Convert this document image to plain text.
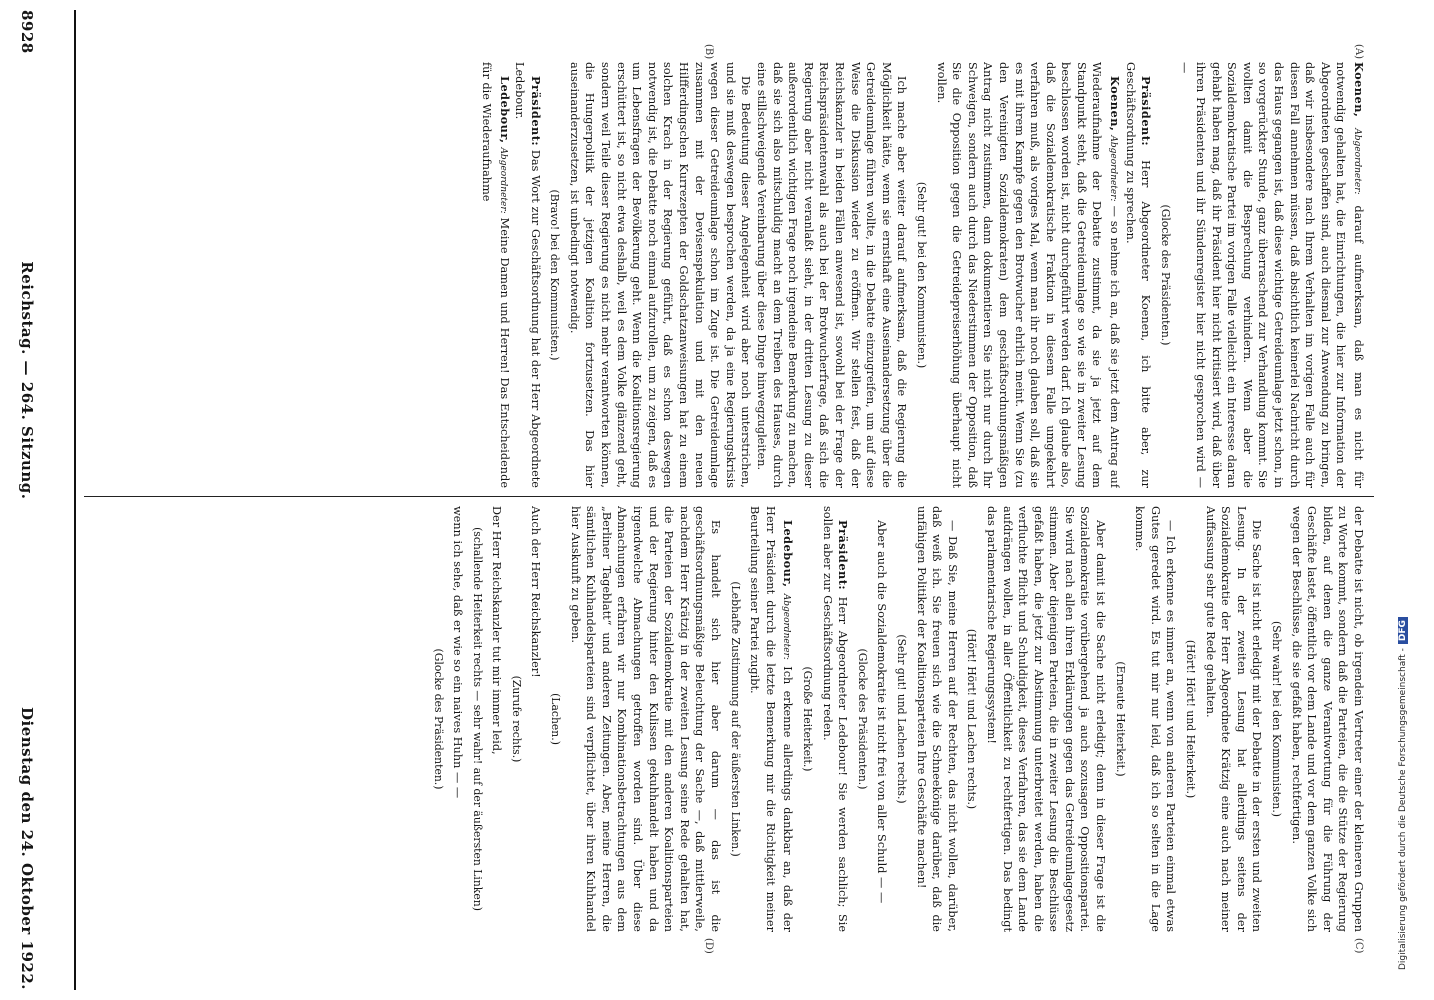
Digitalisierung gefördert durch die Deutsche Forschungsgemeinschaft -DFG
8928
Reichstag. — 264. Sitzung.
Dienstag den 24. Oktober 1922.
(A)
(B)
(C)
(D)

Koenen, Abgeordneter: darauf aufmerksam, daß man es nicht für notwendig gehalten hat, die Einrichtungen, die hier zur Information der Abgeordneten geschaffen sind, auch diesmal zur Anwendung zu bringen, daß wir insbesondere nach Ihrem Verhalten im vorigen Falle auch für diesen Fall annehmen müssen, daß absichtlich keinerlei Nachricht durch das Haus gegangen ist, daß diese wichtige Getreideumlage jetzt schon, in so vorgerückter Stunde, ganz überraschend zur Verhandlung kommt. Sie wollten damit die Besprechung verhindern. Wenn aber die Sozialdemokratische Partei im vorigen Falle vielleicht ein Interesse daran gehabt haben mag, daß ihr Präsident hier nicht kritisiert wird, daß über ihren Präsidenten und ihr Sündenregister hier nicht gesprochen wird — —

(Glocke des Präsidenten.)

Präsident: Herr Abgeordneter Koenen, ich bitte aber, zur Geschäftsordnung zu sprechen.

Koenen, Abgeordneter: — so nehme ich an, daß sie jetzt dem Antrag auf Wiederaufnahme der Debatte zustimmt, da sie ja jetzt auf dem Standpunkt steht, daß die Getreideumlage so wie sie in zweiter Lesung beschlossen worden ist, nicht durchgeführt werden darf. Ich glaube also, daß die Sozialdemokratische Fraktion in diesem Falle umgekehrt verfahren muß, als voriges Mal, wenn man ihr noch glauben soll, daß sie es mit ihrem Kampfe gegen den Brotwucher ehrlich meint. Wenn Sie (zu den Vereinigten Sozialdemokraten) dem geschäftsordnungsmäßigen Antrag nicht zustimmen, dann dokumentieren Sie nicht nur durch Ihr Schweigen, sondern auch durch das Niederstimmen der Opposition, daß Sie die Opposition gegen die Getreidepreiserhöhung überhaupt nicht wollen.

(Sehr gut! bei den Kommunisten.)

Ich mache aber weiter darauf aufmerksam, daß die Regierung die Möglichkeit hätte, wenn sie ernsthaft eine Auseinandersetzung über die Getreideumlage führen wollte, in die Debatte einzugreifen, um auf diese Weise die Diskussion wieder zu eröffnen. Wir stellen fest, daß der Reichskanzler in beiden Fällen anwesend ist, sowohl bei der Frage der Reichspräsidentenwahl als auch bei der Brotwucherfrage, daß sich die Regierung aber nicht veranlaßt sieht, in der dritten Lesung zu dieser außerordentlich wichtigen Frage noch irgendeine Bemerkung zu machen, daß sie sich also mitschuldig macht an dem Treiben des Hauses, durch eine stillschweigende Vereinbarung über diese Dinge hinwegzugleiten.

Die Bedeutung dieser Angelegenheit wird aber noch unterstrichen, und sie muß deswegen besprochen werden, da ja eine Regierungskrisis wegen dieser Getreideumlage schon im Zuge ist. Die Getreideumlage zusammen mit der Devisenspekulation und mit den neuen Hilfferdingschen Kurrezepten der Goldschatzanweisungen hat zu einem solchen Krach in der Regierung geführt, daß es schon deswegen notwendig ist, die Debatte noch einmal aufzurollen, um zu zeigen, daß es um Lebensfragen der Bevölkerung geht. Wenn die Koalitionsregierung erschüttert ist, so nicht etwa deshalb, weil es dem Volke glänzend geht, sondern weil Teile dieser Regierung es nicht mehr verantworten können, die Hungerpolitik der jetzigen Koalition fortzusetzen. Das hier auseinanderzusetzen, ist unbedingt notwendig.

(Bravo! bei den Kommunisten.)

Präsident: Das Wort zur Geschäftsordnung hat der Herr Abgeordnete Ledebour.

Ledebour, Abgeordneter: Meine Damen und Herren! Das Entscheidende für die Wiederaufnahme

der Debatte ist nicht, ob irgendein Vertreter einer der kleineren Gruppen zu Worte kommt, sondern daß die Parteien, die die Stütze der Regierung bilden, auf denen die ganze Verantwortung für die Führung der Geschäfte lastet, öffentlich vor dem Lande und vor dem ganzen Volke sich wegen der Beschlüsse, die sie gefaßt haben, rechtfertigen.

(Sehr wahr! bei den Kommunisten.)

Die Sache ist nicht erledigt mit der Debatte in der ersten und zweiten Lesung. In der zweiten Lesung hat allerdings seitens der Sozialdemokratie der Herr Abgeordnete Krätzig eine auch nach meiner Auffassung sehr gute Rede gehalten.

(Hört! Hört! und Heiterkeit.)

— Ich erkenne es immer an, wenn von anderen Parteien einmal etwas Gutes geredet wird. Es tut mir nur leid, daß ich so selten in die Lage komme.

(Erneute Heiterkeit.)

Aber damit ist die Sache nicht erledigt; denn in dieser Frage ist die Sozialdemokratie vorübergehend ja auch sozusagen Oppositionspartei. Sie wird nach allen ihren Erklärungen gegen das Getreideumlagegesetz stimmen. Aber diejenigen Parteien, die in zweiter Lesung die Beschlüsse gefaßt haben, die jetzt zur Abstimmung unterbreitet werden, haben die verfluchte Pflicht und Schuldigkeit, dieses Verfahren, das sie dem Lande aufdrängen wollen, in aller Öffentlichkeit zu rechtfertigen. Das bedingt das parlamentarische Regierungssystem!

(Hört! Hört! und Lachen rechts.)

— Daß Sie, meine Herren auf der Rechten, das nicht wollen, darüber, daß weiß ich. Sie freuen sich wie die Schneekönige darüber, daß die unfähigen Politiker der Koalitionsparteien Ihre Geschäfte machen!

(Sehr gut! und Lachen rechts.)

Aber auch die Sozialdemokratie ist nicht frei von aller Schuld — —

(Glocke des Präsidenten.)

Präsident: Herr Abgeordneter Ledebour! Sie werden sachlich; Sie sollen aber zur Geschäftsordnung reden.

(Große Heiterkeit.)

Ledebour, Abgeordneter: Ich erkenne allerdings dankbar an, daß der Herr Präsident durch die letzte Bemerkung mir die Richtigkeit meiner Beurteilung seiner Partei zugibt.

(Lebhafte Zustimmung auf der äußersten Linken.)

Es handelt sich hier aber darum — das ist die geschäftsordnungsmäßige Beleuchtung der Sache —, daß mittlerweile, nachdem Herr Krätzig in der zweiten Lesung seine Rede gehalten hat, die Parteien der Sozialdemokratie mit den anderen Koalitionsparteien und der Regierung hinter den Kulissen gekuhhandelt haben und da irgendwelche Abmachungen getroffen worden sind. Über diese Abmachungen erfahren wir nur Kombinationsbetrachtungen aus dem „Berliner Tageblatt“ und anderen Zeitungen. Aber, meine Herren, die sämtlichen Kuhhandelsparteien sind verpflichtet, über ihren Kuhhandel hier Auskunft zu geben.

(Lachen.)

Auch der Herr Reichskanzler!

(Zurufe rechts.)

Der Herr Reichskanzler tut mir immer leid,

(schallende Heiterkeit rechts — sehr wahr! auf der äußersten Linken)

wenn ich sehe, daß er wie so ein naives Huhn — —

(Glocke des Präsidenten.)
